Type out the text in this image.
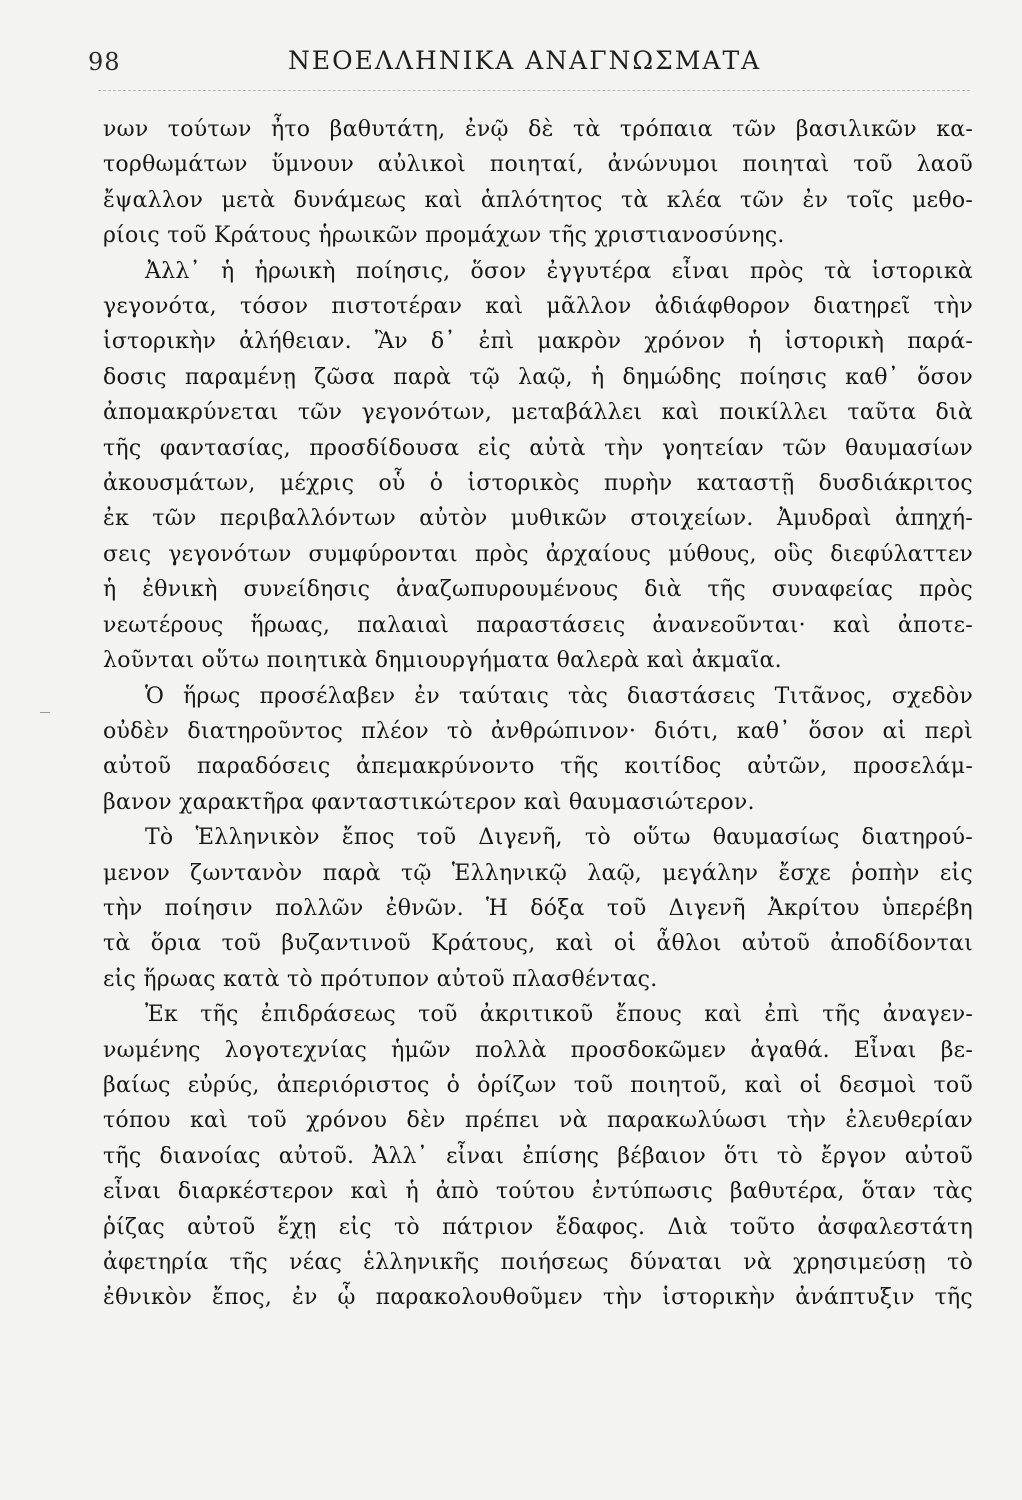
98	ΝΕΟΕΛΛΗΝΙΚΑ ΑΝΑΓΝΩΣΜΑΤΑ
νων τούτων ἦτο βαθυτάτη, ἐνῷ δὲ τὰ τρόπαια τῶν βασιλικῶν κα-
τορθωμάτων ὕμνουν αὐλικοὶ ποιηταί, ἀνώνυμοι ποιηταὶ τοῦ λαοῦ
ἔψαλλον μετὰ δυνάμεως καὶ ἁπλότητος τὰ κλέα τῶν ἐν τοῖς μεθο-
ρίοις τοῦ Κράτους ἡρωικῶν προμάχων τῆς χριστιανοσύνης.
Ἀλλ᾽ ἡ ἡρωικὴ ποίησις, ὅσον ἐγγυτέρα εἶναι πρὸς τὰ ἱστορικὰ
γεγονότα, τόσον πιστοτέραν καὶ μᾶλλον ἀδιάφθορον διατηρεῖ τὴν
ἱστορικὴν ἀλήθειαν. Ἂν δ᾽ ἐπὶ μακρὸν χρόνον ἡ ἱστορικὴ παρά-
δοσις παραμένῃ ζῶσα παρὰ τῷ λαῷ, ἡ δημώδης ποίησις καθ᾽ ὅσον
ἀπομακρύνεται τῶν γεγονότων, μεταβάλλει καὶ ποικίλλει ταῦτα διὰ
τῆς φαντασίας, προσδίδουσα εἰς αὐτὰ τὴν γοητείαν τῶν θαυμασίων
ἀκουσμάτων, μέχρις οὗ ὁ ἱστορικὸς πυρὴν καταστῇ δυσδιάκριτος
ἐκ τῶν περιβαλλόντων αὐτὸν μυθικῶν στοιχείων. Ἀμυδραὶ ἀπηχή-
σεις γεγονότων συμφύρονται πρὸς ἀρχαίους μύθους, οὓς διεφύλαττεν
ἡ ἐθνικὴ συνείδησις ἀναζωπυρουμένους διὰ τῆς συναφείας πρὸς
νεωτέρους ἥρωας, παλαιαὶ παραστάσεις ἀνανεοῦνται· καὶ ἀποτε-
λοῦνται οὕτω ποιητικὰ δημιουργήματα θαλερὰ καὶ ἀκμαῖα.
Ὁ ἥρως προσέλαβεν ἐν ταύταις τὰς διαστάσεις Τιτᾶνος, σχεδὸν
οὐδὲν διατηροῦντος πλέον τὸ ἀνθρώπινον· διότι, καθ᾽ ὅσον αἱ περὶ
αὐτοῦ παραδόσεις ἀπεμακρύνοντο τῆς κοιτίδος αὐτῶν, προσελάμ-
βανον χαρακτῆρα φανταστικώτερον καὶ θαυμασιώτερον.
Τὸ Ἑλληνικὸν ἔπος τοῦ Διγενῆ, τὸ οὕτω θαυμασίως διατηρού-
μενον ζωντανὸν παρὰ τῷ Ἑλληνικῷ λαῷ, μεγάλην ἔσχε ῥοπὴν εἰς
τὴν ποίησιν πολλῶν ἐθνῶν. Ἡ δόξα τοῦ Διγενῆ Ἀκρίτου ὑπερέβη
τὰ ὅρια τοῦ βυζαντινοῦ Κράτους, καὶ οἱ ἆθλοι αὐτοῦ ἀποδίδονται
εἰς ἥρωας κατὰ τὸ πρότυπον αὐτοῦ πλασθέντας.
Ἐκ τῆς ἐπιδράσεως τοῦ ἀκριτικοῦ ἔπους καὶ ἐπὶ τῆς ἀναγεν-
νωμένης λογοτεχνίας ἡμῶν πολλὰ προσδοκῶμεν ἀγαθά. Εἶναι βε-
βαίως εὐρύς, ἀπεριόριστος ὁ ὁρίζων τοῦ ποιητοῦ, καὶ οἱ δεσμοὶ τοῦ
τόπου καὶ τοῦ χρόνου δὲν πρέπει νὰ παρακωλύωσι τὴν ἐλευθερίαν
τῆς διανοίας αὐτοῦ. Ἀλλ᾽ εἶναι ἐπίσης βέβαιον ὅτι τὸ ἔργον αὐτοῦ
εἶναι διαρκέστερον καὶ ἡ ἀπὸ τούτου ἐντύπωσις βαθυτέρα, ὅταν τὰς
ῥίζας αὐτοῦ ἔχῃ εἰς τὸ πάτριον ἔδαφος. Διὰ τοῦτο ἀσφαλεστάτη
ἀφετηρία τῆς νέας ἑλληνικῆς ποιήσεως δύναται νὰ χρησιμεύσῃ τὸ
ἐθνικὸν ἔπος, ἐν ᾧ παρακολουθοῦμεν τὴν ἱστορικὴν ἀνάπτυξιν τῆς
